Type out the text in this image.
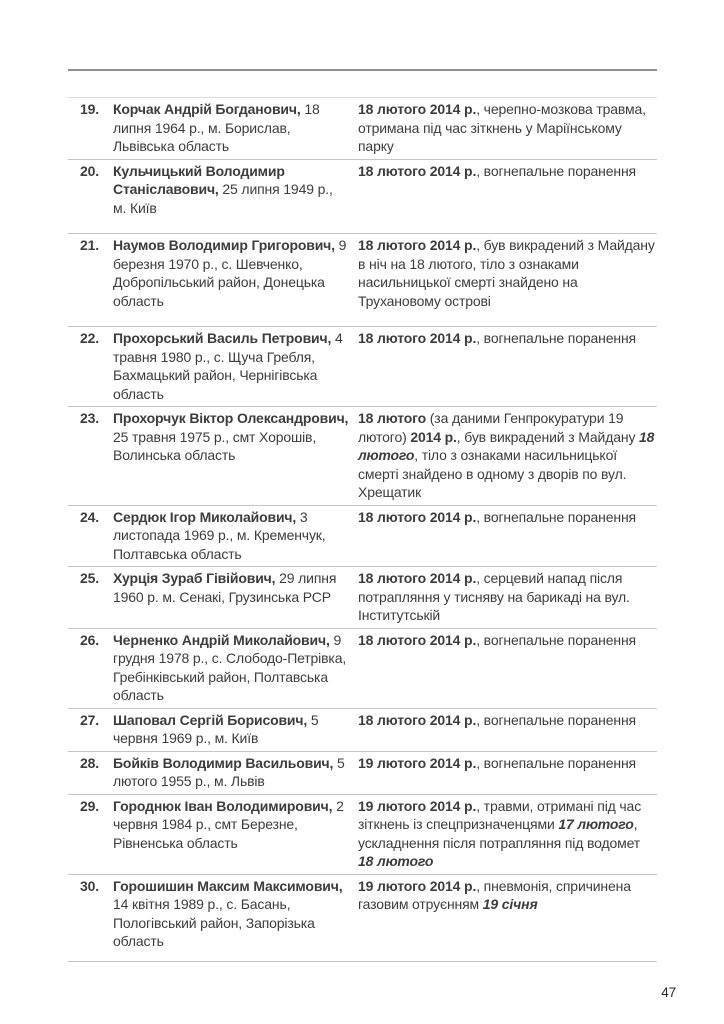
19. Корчак Андрій Богданович, 18 липня 1964 р., м. Борислав, Львівська область
18 лютого 2014 р., черепно-мозкова травма, отримана під час зіткнень у Маріїнському парку
20. Кульчицький Володимир Станіславович, 25 липня 1949 р., м. Київ
18 лютого 2014 р., вогнепальне поранення
21. Наумов Володимир Григорович, 9 березня 1970 р., с. Шевченко, Добропільський район, Донецька область
18 лютого 2014 р., був викрадений з Майдану в ніч на 18 лютого, тіло з ознаками насильницької смерті знайдено на Трухановому острові
22. Прохорський Василь Петрович, 4 травня 1980 р., с. Щуча Гребля, Бахмацький район, Чернігівська область
18 лютого 2014 р., вогнепальне поранення
23. Прохорчук Віктор Олександрович, 25 травня 1975 р., смт Хорошів, Волинська область
18 лютого (за даними Генпрокуратури 19 лютого) 2014 р., був викрадений з Майдану 18 лютого, тіло з ознаками насильницької смерті знайдено в одному з дворів по вул. Хрещатик
24. Сердюк Ігор Миколайович, 3 листопада 1969 р., м. Кременчук, Полтавська область
18 лютого 2014 р., вогнепальне поранення
25. Хурція Зураб Гівійович, 29 липня 1960 р. м. Сенакі, Грузинська РСР
18 лютого 2014 р., серцевий напад після потрапляння у тисняву на барикаді на вул. Інститутській
26. Черненко Андрій Миколайович, 9 грудня 1978 р., с. Слободо-Петрівка, Гребінківський район, Полтавська область
18 лютого 2014 р., вогнепальне поранення
27. Шаповал Сергій Борисович, 5 червня 1969 р., м. Київ
18 лютого 2014 р., вогнепальне поранення
28. Бойків Володимир Васильович, 5 лютого 1955 р., м. Львів
19 лютого 2014 р., вогнепальне поранення
29. Городнюк Іван Володимирович, 2 червня 1984 р., смт Березне, Рівненська область
19 лютого 2014 р., травми, отримані під час зіткнень із спецпризначенцями 17 лютого, ускладнення після потрапляння під водомет 18 лютого
30. Горошишин Максим Максимович, 14 квітня 1989 р., с. Басань, Пологівський район, Запорізька область
19 лютого 2014 р., пневмонія, спричинена газовим отруєнням 19 січня
47
